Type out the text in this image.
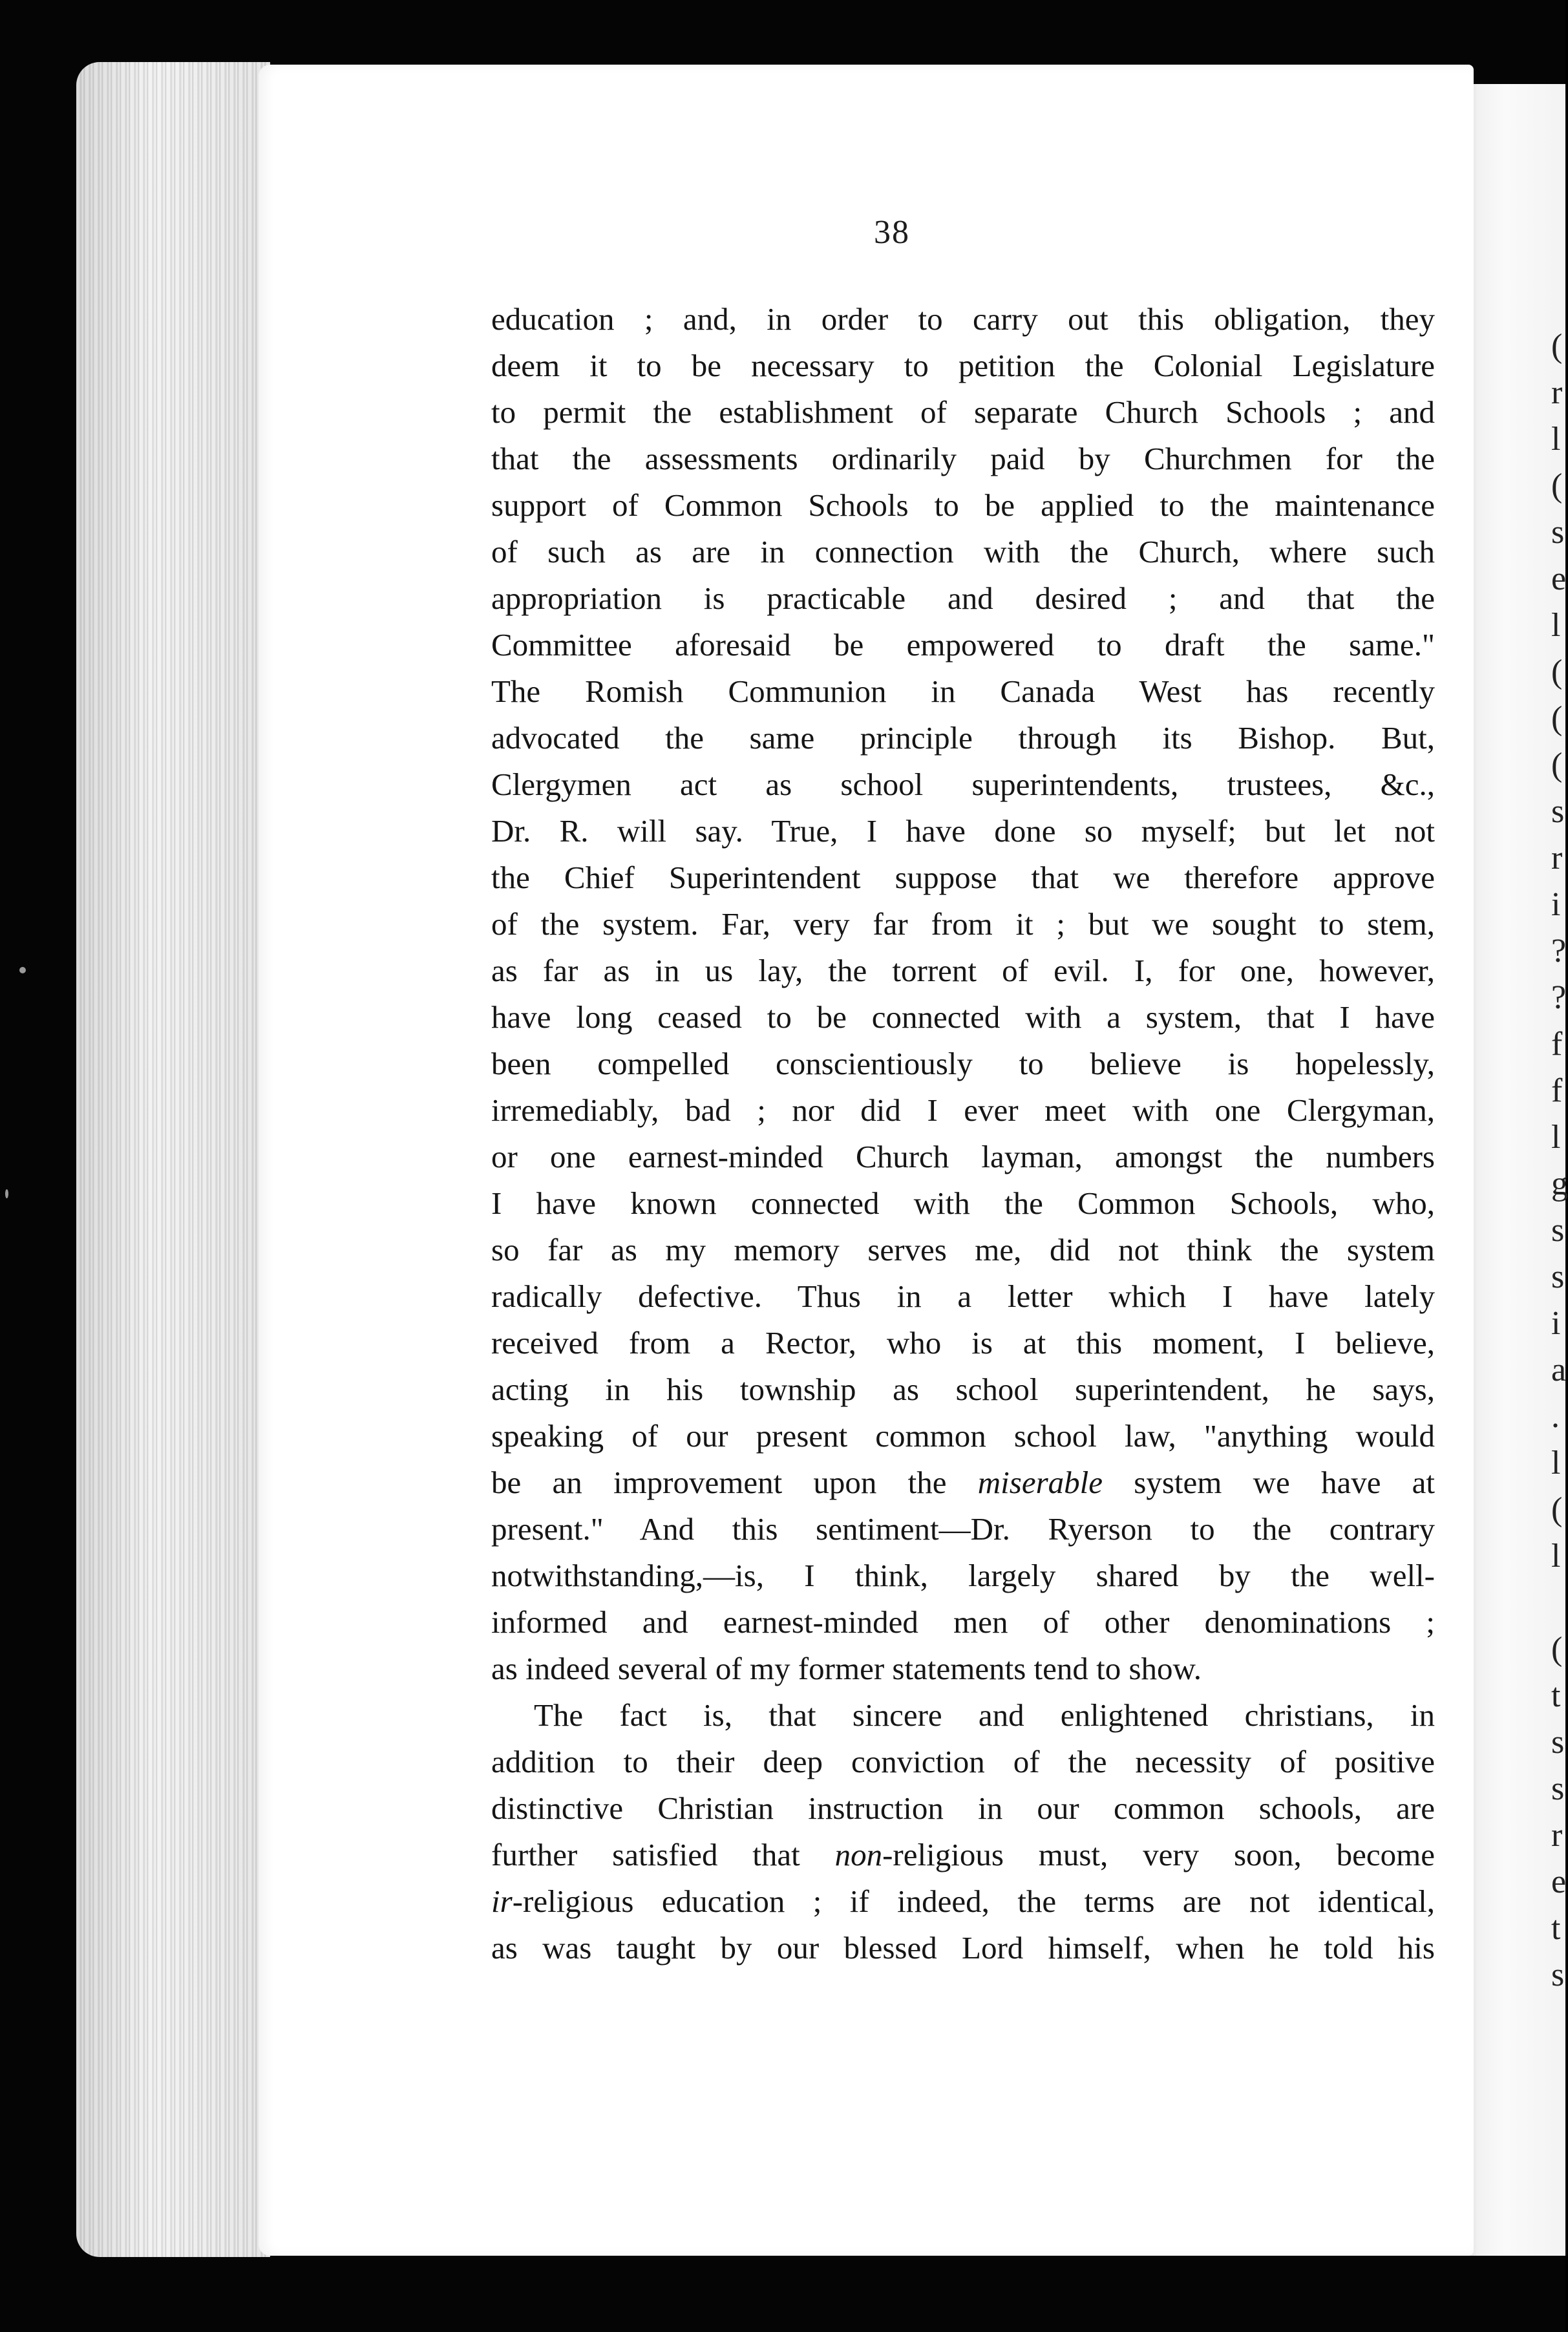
(
r
l
(
s
e
l
(
(
(
s
r
i
?
?
f
f
l
g
s
s
i
a
.
l
(
l
(
t
s
s
r
e
t
s
38
education ; and, in order to carry out this obligation, they
deem it to be necessary to petition the Colonial Legislature
to permit the establishment of separate Church Schools ; and
that the assessments ordinarily paid by Churchmen for the
support of Common Schools to be applied to the maintenance
of such as are in connection with the Church, where such
appropriation is practicable and desired ; and that the
Committee aforesaid be empowered to draft the same."
The Romish Communion in Canada West has recently
advocated the same principle through its Bishop. But,
Clergymen act as school superintendents, trustees, &c.,
Dr. R. will say. True, I have done so myself; but let not
the Chief Superintendent suppose that we therefore approve
of the system. Far, very far from it ; but we sought to stem,
as far as in us lay, the torrent of evil. I, for one, however,
have long ceased to be connected with a system, that I have
been compelled conscientiously to believe is hopelessly,
irremediably, bad ; nor did I ever meet with one Clergyman,
or one earnest-minded Church layman, amongst the numbers
I have known connected with the Common Schools, who,
so far as my memory serves me, did not think the system
radically defective. Thus in a letter which I have lately
received from a Rector, who is at this moment, I believe,
acting in his township as school superintendent, he says,
speaking of our present common school law, "anything would
be an improvement upon the miserable system we have at
present." And this sentiment—Dr. Ryerson to the contrary
notwithstanding,—is, I think, largely shared by the well-
informed and earnest-minded men of other denominations ;
as indeed several of my former statements tend to show.
The fact is, that sincere and enlightened christians, in
addition to their deep conviction of the necessity of positive
distinctive Christian instruction in our common schools, are
further satisfied that non-religious must, very soon, become
ir-religious education ; if indeed, the terms are not identical,
as was taught by our blessed Lord himself, when he told his
